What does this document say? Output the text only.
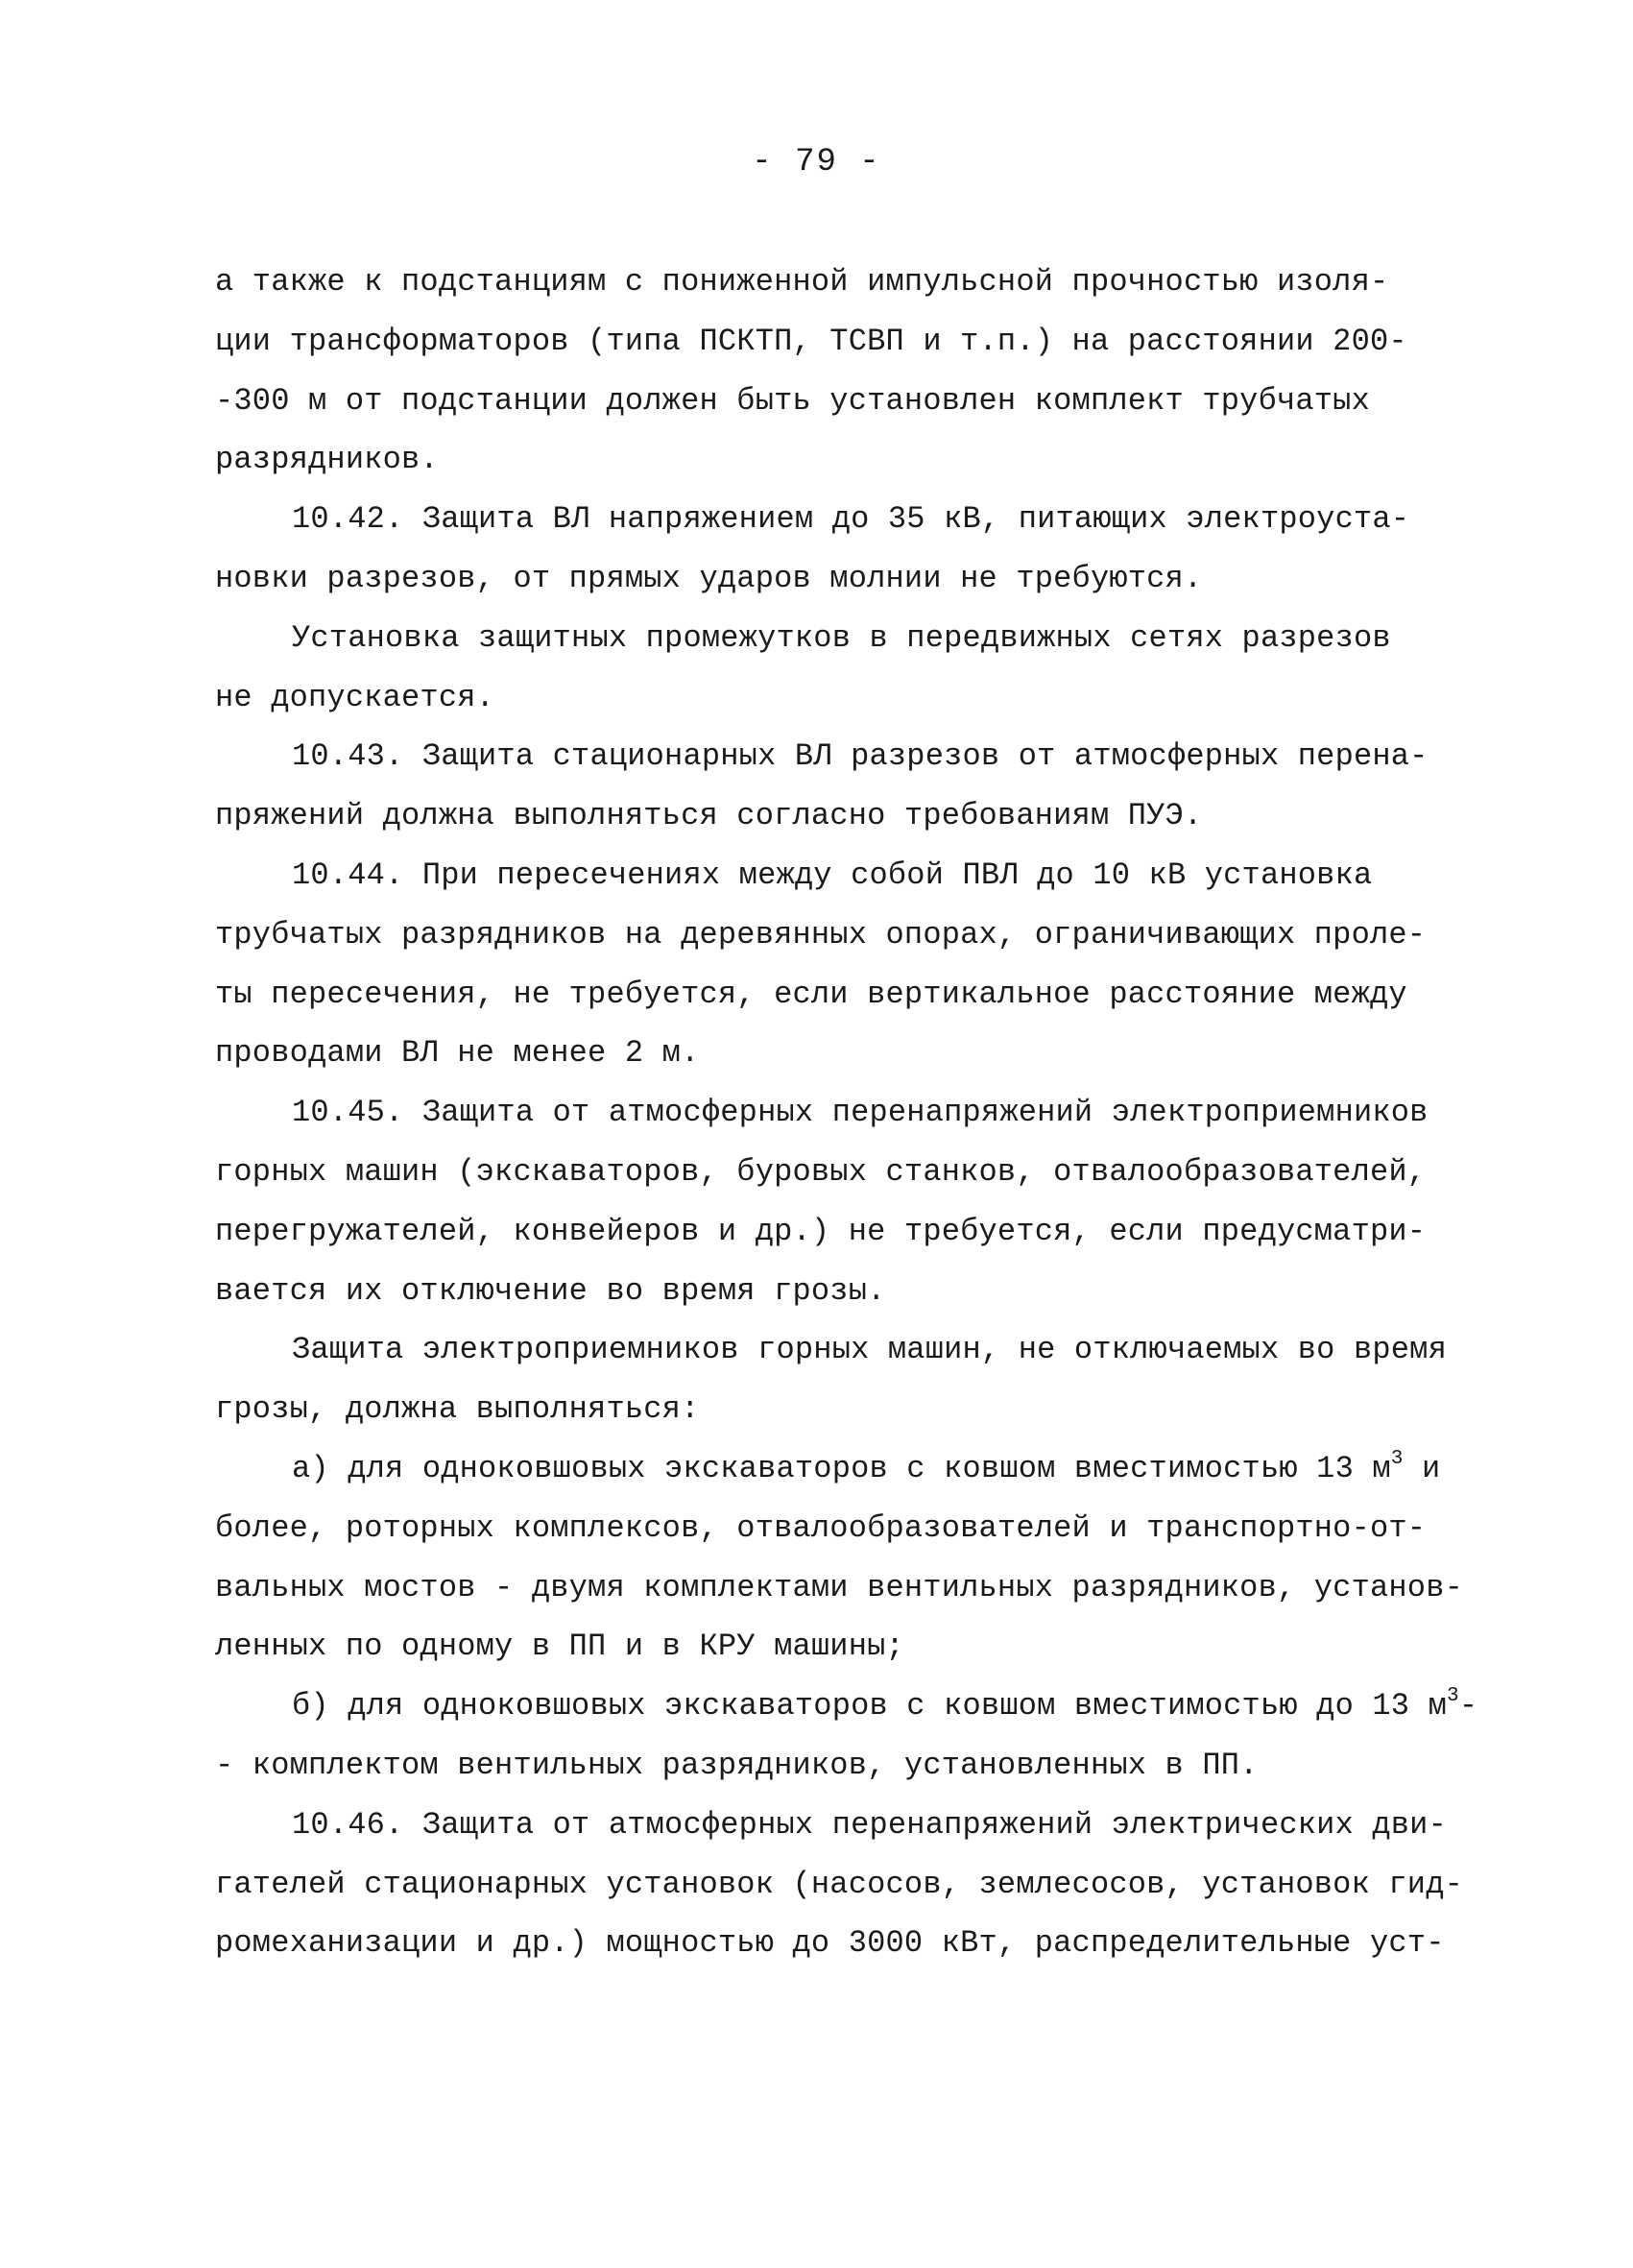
- 79 -
а также к подстанциям с пониженной импульсной прочностью изоля-
ции трансформаторов (типа ПСКТП, ТСВП и т.п.) на расстоянии 200-
-300 м от подстанции должен быть установлен комплект трубчатых
разрядников.
10.42. Защита ВЛ напряжением до 35 кВ, питающих электроуста-
новки разрезов, от прямых ударов молнии не требуются.
Установка защитных промежутков в передвижных сетях разрезов
не допускается.
10.43. Защита стационарных ВЛ разрезов от атмосферных перена-
пряжений должна выполняться согласно требованиям ПУЭ.
10.44. При пересечениях между собой ПВЛ до 10 кВ установка
трубчатых разрядников на деревянных опорах, ограничивающих проле-
ты пересечения, не требуется, если вертикальное расстояние между
проводами ВЛ не менее 2 м.
10.45. Защита от атмосферных перенапряжений электроприемников
горных машин (экскаваторов, буровых станков, отвалообразователей,
перегружателей, конвейеров и др.) не требуется, если предусматри-
вается их отключение во время грозы.
Защита электроприемников горных машин, не отключаемых во время
грозы, должна выполняться:
а) для одноковшовых экскаваторов с ковшом вместимостью 13 $м^3$ и
более, роторных комплексов, отвалообразователей и транспортно-от-
вальных мостов - двумя комплектами вентильных разрядников, установ-
ленных по одному в ПП и в КРУ машины;
б) для одноковшовых экскаваторов с ковшом вместимостью до 13 $м^3-$
- комплектом вентильных разрядников, установленных в ПП.
10.46. Защита от атмосферных перенапряжений электрических дви-
гателей стационарных установок (насосов, землесосов, установок гид-
ромеханизации и др.) мощностью до 3000 кВт, распределительные уст-
